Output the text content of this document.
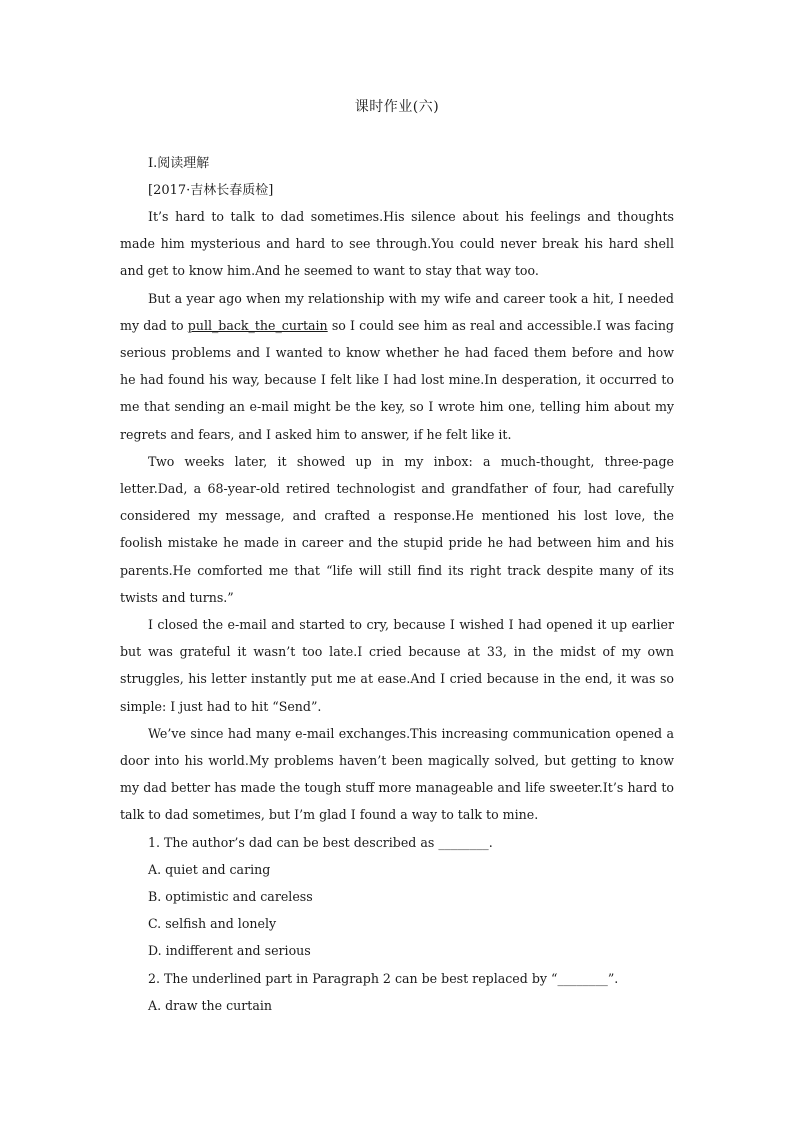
课时作业(六)
Ⅰ.阅读理解
[2017·吉林长春质检]

It’s hard to talk to dad sometimes.His silence about his feelings and thoughts made him mysterious and hard to see through.You could never break his hard shell and get to know him.And he seemed to want to stay that way too.

But a year ago when my relationship with my wife and career took a hit, I needed my dad to pull_back_the_curtain so I could see him as real and accessible.I was facing serious problems and I wanted to know whether he had faced them before and how he had found his way, because I felt like I had lost mine.In desperation, it occurred to me that sending an e-mail might be the key, so I wrote him one, telling him about my regrets and fears, and I asked him to answer, if he felt like it.

Two weeks later, it showed up in my inbox: a much-thought, three-page letter.Dad, a 68-year-old retired technologist and grandfather of four, had carefully considered my message, and crafted a response.He mentioned his lost love, the foolish mistake he made in career and the stupid pride he had between him and his parents.He comforted me that “life will still find its right track despite many of its twists and turns.”

I closed the e-mail and started to cry, because I wished I had opened it up earlier but was grateful it wasn’t too late.I cried because at 33, in the midst of my own struggles, his letter instantly put me at ease.And I cried because in the end, it was so simple: I just had to hit “Send”.

We’ve since had many e-mail exchanges.This increasing communication opened a door into his world.My problems haven’t been magically solved, but getting to know my dad better has made the tough stuff more manageable and life sweeter.It’s hard to talk to dad sometimes, but I’m glad I found a way to talk to mine.

1. The author’s dad can be best described as ________.

A. quiet and caring

B. optimistic and careless

C. selfish and lonely

D. indifferent and serious

2. The underlined part in Paragraph 2 can be best replaced by “________”.

A. draw the curtain
